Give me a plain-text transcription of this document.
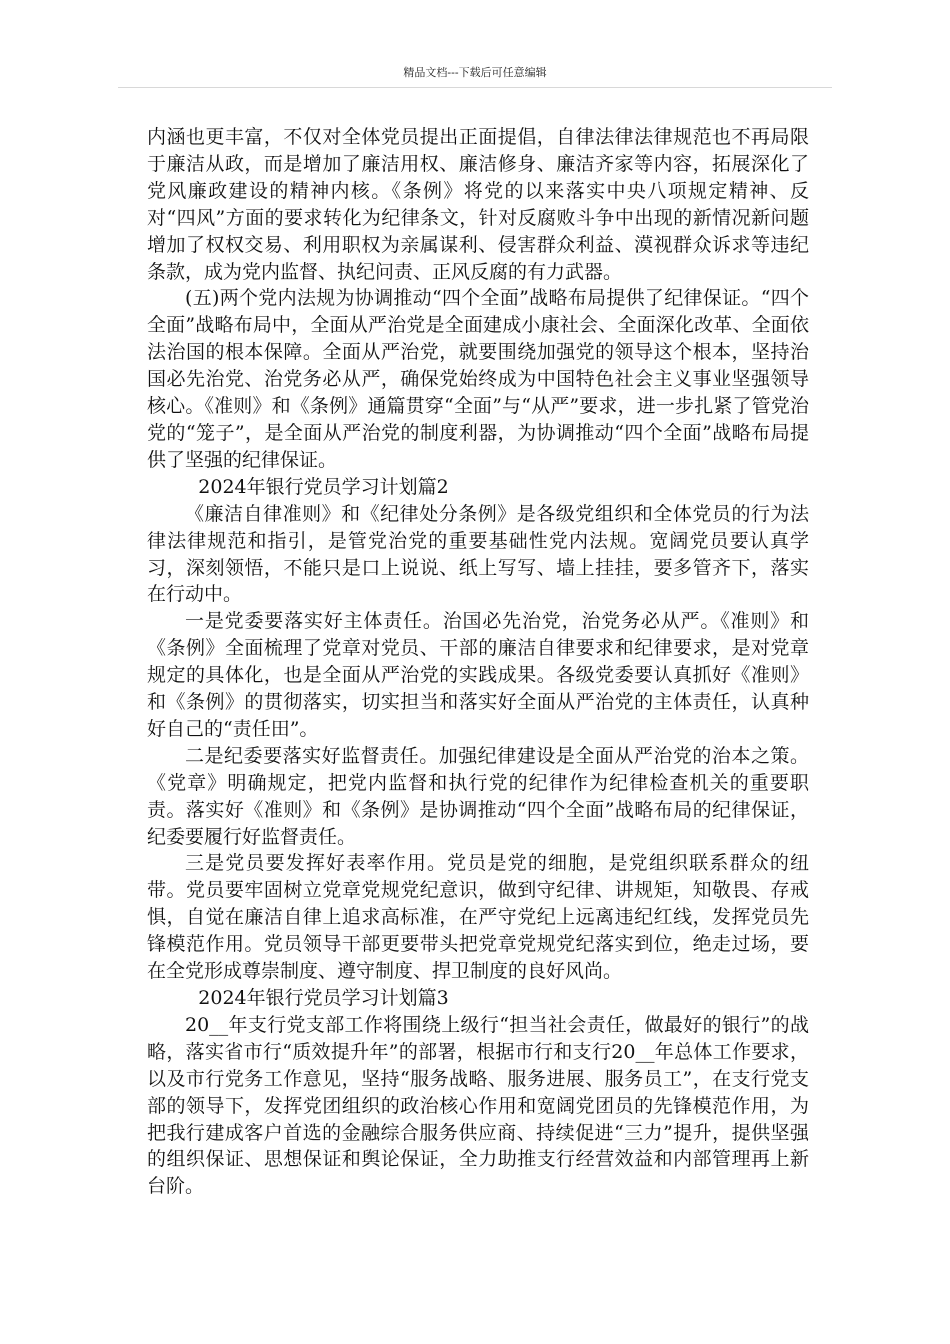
精品文档---下载后可任意编辑

内涵也更丰富，不仅对全体党员提出正面提倡，自律法律法律规范也不再局限于廉洁从政，而是增加了廉洁用权、廉洁修身、廉洁齐家等内容，拓展深化了党风廉政建设的精神内核。《条例》将党的以来落实中央八项规定精神、反对“四风”方面的要求转化为纪律条文，针对反腐败斗争中出现的新情况新问题增加了权权交易、利用职权为亲属谋利、侵害群众利益、漠视群众诉求等违纪条款，成为党内监督、执纪问责、正风反腐的有力武器。

(五)两个党内法规为协调推动“四个全面”战略布局提供了纪律保证。“四个全面”战略布局中，全面从严治党是全面建成小康社会、全面深化改革、全面依法治国的根本保障。全面从严治党，就要围绕加强党的领导这个根本，坚持治国必先治党、治党务必从严，确保党始终成为中国特色社会主义事业坚强领导核心。《准则》和《条例》通篇贯穿“全面”与“从严”要求，进一步扎紧了管党治党的“笼子”，是全面从严治党的制度利器，为协调推动“四个全面”战略布局提供了坚强的纪律保证。

2024年银行党员学习计划篇2

《廉洁自律准则》和《纪律处分条例》是各级党组织和全体党员的行为法律法律规范和指引，是管党治党的重要基础性党内法规。宽阔党员要认真学习，深刻领悟，不能只是口上说说、纸上写写、墙上挂挂，要多管齐下，落实在行动中。

一是党委要落实好主体责任。治国必先治党，治党务必从严。《准则》和《条例》全面梳理了党章对党员、干部的廉洁自律要求和纪律要求，是对党章规定的具体化，也是全面从严治党的实践成果。各级党委要认真抓好《准则》和《条例》的贯彻落实，切实担当和落实好全面从严治党的主体责任，认真种好自己的“责任田”。

二是纪委要落实好监督责任。加强纪律建设是全面从严治党的治本之策。《党章》明确规定，把党内监督和执行党的纪律作为纪律检查机关的重要职责。落实好《准则》和《条例》是协调推动“四个全面”战略布局的纪律保证，纪委要履行好监督责任。

三是党员要发挥好表率作用。党员是党的细胞，是党组织联系群众的纽带。党员要牢固树立党章党规党纪意识，做到守纪律、讲规矩，知敬畏、存戒惧，自觉在廉洁自律上追求高标准，在严守党纪上远离违纪红线，发挥党员先锋模范作用。党员领导干部更要带头把党章党规党纪落实到位，绝走过场，要在全党形成尊崇制度、遵守制度、捍卫制度的良好风尚。

2024年银行党员学习计划篇3

20__年支行党支部工作将围绕上级行“担当社会责任，做最好的银行”的战略，落实省市行“质效提升年”的部署，根据市行和支行20__年总体工作要求，以及市行党务工作意见，坚持“服务战略、服务进展、服务员工”，在支行党支部的领导下，发挥党团组织的政治核心作用和宽阔党团员的先锋模范作用，为把我行建成客户首选的金融综合服务供应商、持续促进“三力”提升，提供坚强的组织保证、思想保证和舆论保证，全力助推支行经营效益和内部管理再上新台阶。
